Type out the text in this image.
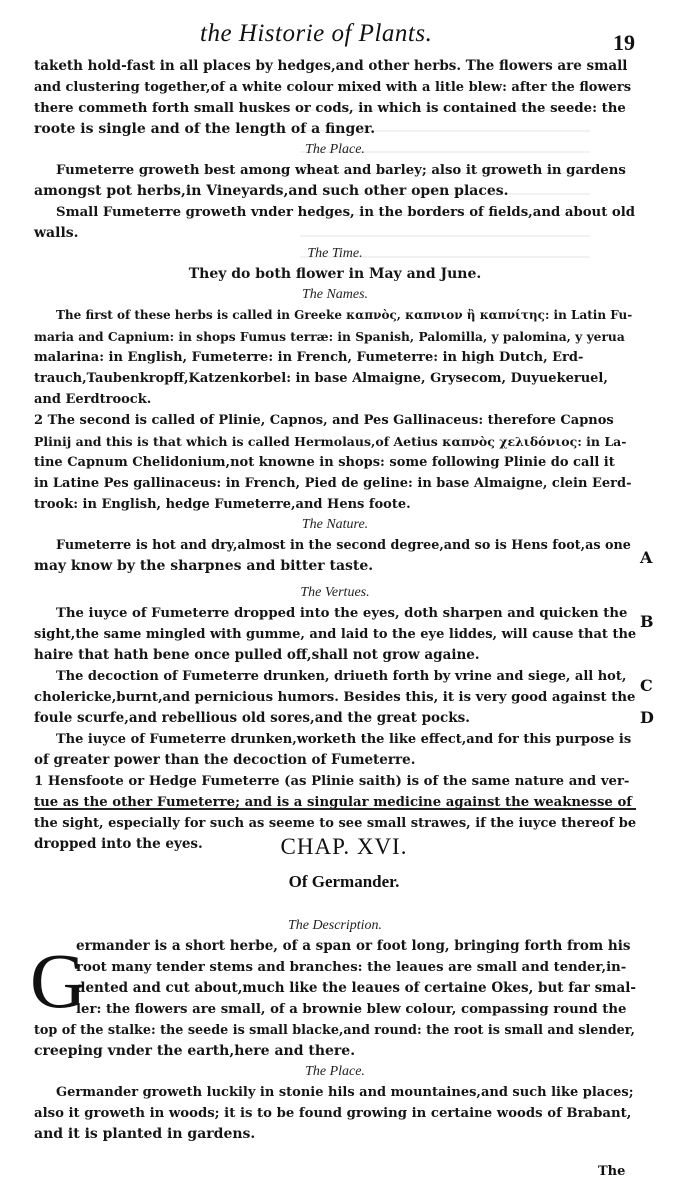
the Historie of Plants.	19
taketh hold-fast in all places by hedges,and other herbs. The flowers are small
and clustering together,of a white colour mixed with a litle blew: after the flowers
there commeth forth small huskes or cods, in which is contained the seede: the
roote is single and of the length of a finger.

The Place.

Fumeterre groweth best among wheat and barley; also it groweth in gardens
amongst pot herbs,in Vineyards,and such other open places.
Small Fumeterre groweth vnder hedges, in the borders of fields,and about old
walls.

The Time.

They do both flower in May and June.

The Names.

The first of these herbs is called in Greeke καπνὸς, καπνιον ἢ καπνίτης: in Latin Fu-
maria and Capnium: in shops Fumus terræ: in Spanish, Palomilla, y palomina, y yerua
malarina: in English, Fumeterre: in French, Fumeterre: in high Dutch, Erd-
trauch,Taubenkropff,Katzenkorbel: in base Almaigne, Grysecom, Duyuekeruel,
and Eerdtroock.
2 The second is called of Plinie, Capnos, and Pes Gallinaceus: therefore Capnos
Plinij and this is that which is called Hermolaus,of Aetius καπνὸς χελιδόνιος: in La-
tine Capnum Chelidonium,not knowne in shops: some following Plinie do call it
in Latine Pes gallinaceus: in French, Pied de geline: in base Almaigne, clein Eerd-
trook: in English, hedge Fumeterre,and Hens foote.

The Nature.

Fumeterre is hot and dry,almost in the second degree,and so is Hens foot,as one
may know by the sharpnes and bitter taste.

The Vertues.

The iuyce of Fumeterre dropped into the eyes, doth sharpen and quicken the
sight,the same mingled with gumme, and laid to the eye liddes, will cause that the
haire that hath bene once pulled off,shall not grow againe.
The decoction of Fumeterre drunken, driueth forth by vrine and siege, all hot,
cholericke,burnt,and pernicious humors. Besides this, it is very good against the
foule scurfe,and rebellious old sores,and the great pocks.
The iuyce of Fumeterre drunken,worketh the like effect,and for this purpose is
of greater power than the decoction of Fumeterre.
1 Hensfoote or Hedge Fumeterre (as Plinie saith) is of the same nature and ver-
tue as the other Fumeterre; and is a singular medicine against the weaknesse of
the sight, especially for such as seeme to see small strawes, if the iuyce thereof be
dropped into the eyes.
A
B
C
D
CHAP. XVI.
Of Germander.

The Description.

ermander is a short herbe, of a span or foot long, bringing forth from his
root many tender stems and branches: the leaues are small and tender,in-
dented and cut about,much like the leaues of certaine Okes, but far smal-
ler: the flowers are small, of a brownie blew colour, compassing round the
top of the stalke: the seede is small blacke,and round: the root is small and slender,
creeping vnder the earth,here and there.

The Place.

Germander groweth luckily in stonie hils and mountaines,and such like places;
also it groweth in woods; it is to be found growing in certaine woods of Brabant,
and it is planted in gardens.
G
The
